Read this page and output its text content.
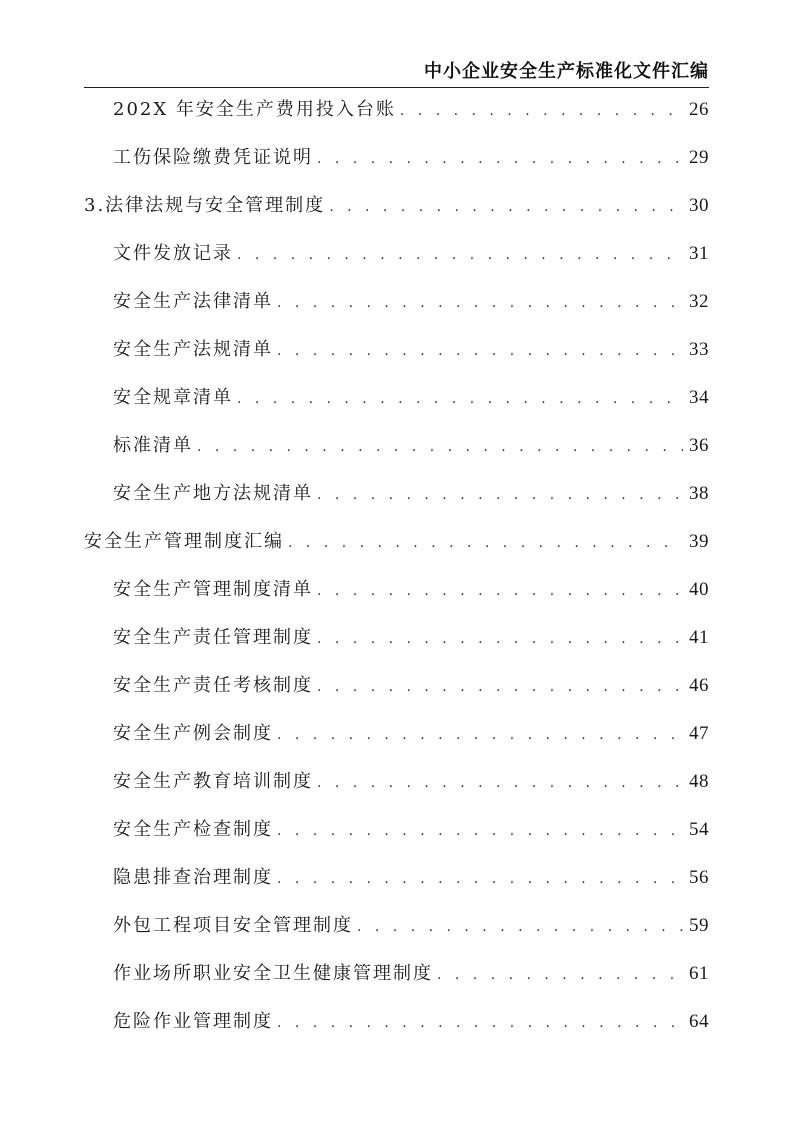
中小企业安全生产标准化文件汇编
202X 年安全生产费用投入台账 . . .	26
工伤保险缴费凭证说明 . . .	29
3.法律法规与安全管理制度 . . .	30
文件发放记录 . . .	31
安全生产法律清单 . . .	32
安全生产法规清单 . . .	33
安全规章清单 . . .	34
标准清单 . . .	36
安全生产地方法规清单 . . .	38
安全生产管理制度汇编 . . .	39
安全生产管理制度清单 . . .	40
安全生产责任管理制度 . . .	41
安全生产责任考核制度 . . .	46
安全生产例会制度 . . .	47
安全生产教育培训制度 . . .	48
安全生产检查制度 . . .	54
隐患排查治理制度 . . .	56
外包工程项目安全管理制度 . . .	59
作业场所职业安全卫生健康管理制度 . . .	61
危险作业管理制度 . . .	64
